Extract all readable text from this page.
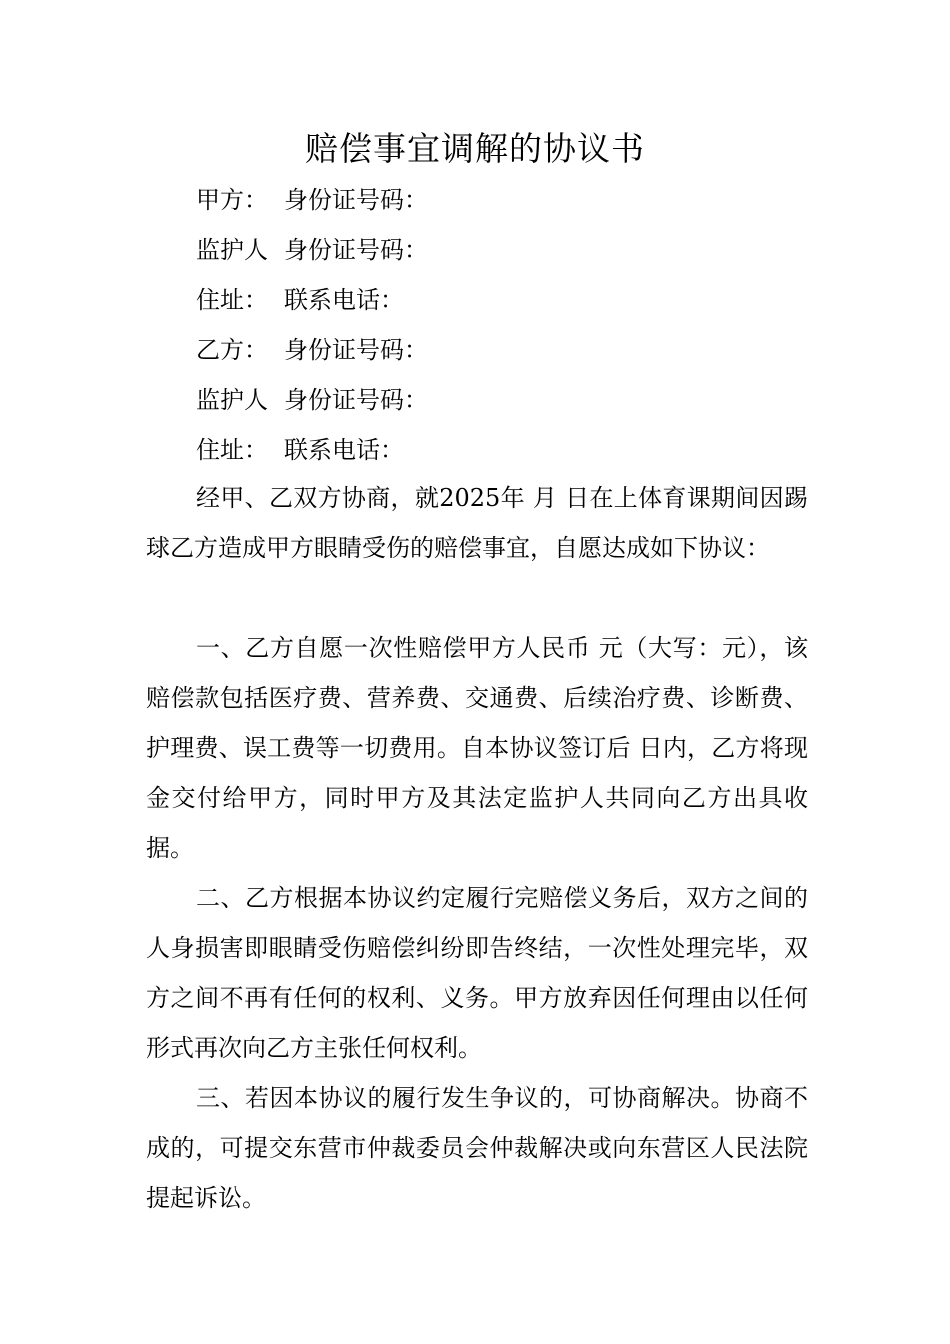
赔偿事宜调解的协议书
甲方： 身份证号码：
监护人 身份证号码：
住址： 联系电话：
乙方： 身份证号码：
监护人 身份证号码：
住址： 联系电话：
经甲、乙双方协商，就2025年 月 日在上体育课期间因踢球乙方造成甲方眼睛受伤的赔偿事宜，自愿达成如下协议：
一、乙方自愿一次性赔偿甲方人民币 元（大写：元），该赔偿款包括医疗费、营养费、交通费、后续治疗费、诊断费、护理费、误工费等一切费用。自本协议签订后 日内，乙方将现金交付给甲方，同时甲方及其法定监护人共同向乙方出具收据。
二、乙方根据本协议约定履行完赔偿义务后，双方之间的人身损害即眼睛受伤赔偿纠纷即告终结，一次性处理完毕，双方之间不再有任何的权利、义务。甲方放弃因任何理由以任何形式再次向乙方主张任何权利。
三、若因本协议的履行发生争议的，可协商解决。协商不成的，可提交东营市仲裁委员会仲裁解决或向东营区人民法院提起诉讼。
